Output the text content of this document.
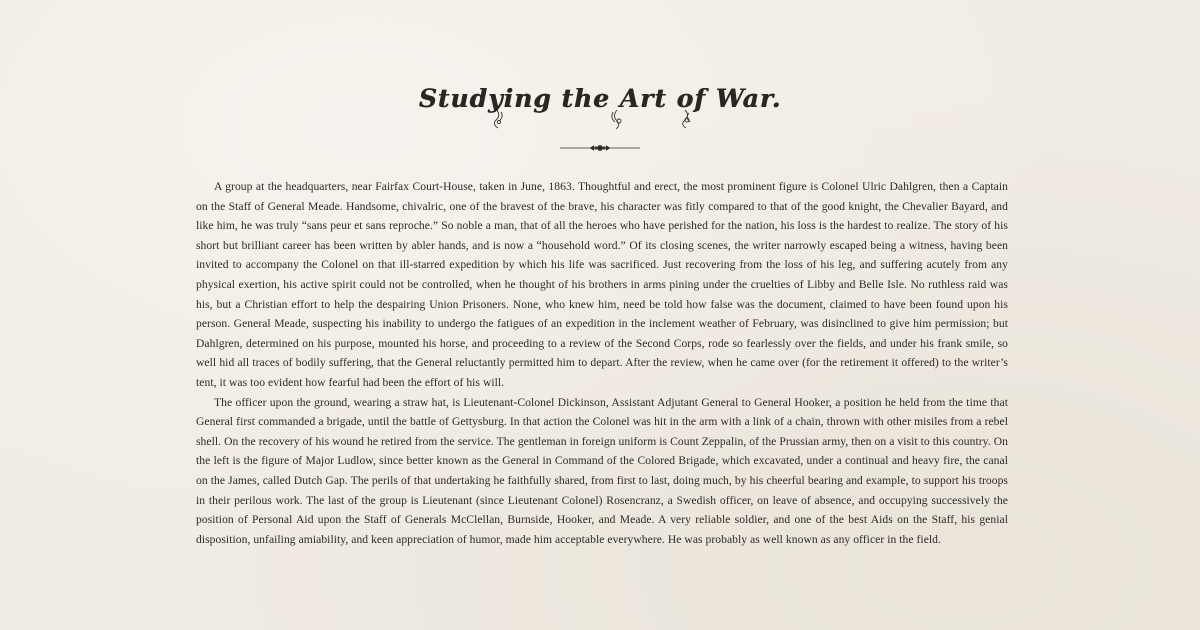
Studying the Art of War.

A group at the headquarters, near Fairfax Court-House, taken in June, 1863. Thoughtful and erect, the most prominent figure is Colonel Ulric Dahlgren, then a Captain on the Staff of General Meade. Handsome, chivalric, one of the bravest of the brave, his character was fitly compared to that of the good knight, the Chevalier Bayard, and like him, he was truly “sans peur et sans reproche.” So noble a man, that of all the heroes who have perished for the nation, his loss is the hardest to realize. The story of his short but brilliant career has been written by abler hands, and is now a “household word.” Of its closing scenes, the writer narrowly escaped being a witness, having been invited to accompany the Colonel on that ill-starred expedition by which his life was sacrificed. Just recovering from the loss of his leg, and suffering acutely from any physical exertion, his active spirit could not be controlled, when he thought of his brothers in arms pining under the cruelties of Libby and Belle Isle. No ruthless raid was his, but a Christian effort to help the despairing Union Prisoners. None, who knew him, need be told how false was the document, claimed to have been found upon his person. General Meade, suspecting his inability to undergo the fatigues of an expedition in the inclement weather of February, was disinclined to give him permission; but Dahlgren, determined on his purpose, mounted his horse, and proceeding to a review of the Second Corps, rode so fearlessly over the fields, and under his frank smile, so well hid all traces of bodily suffering, that the General reluctantly permitted him to depart. After the review, when he came over (for the retirement it offered) to the writer’s tent, it was too evident how fearful had been the effort of his will.

The officer upon the ground, wearing a straw hat, is Lieutenant-Colonel Dickinson, Assistant Adjutant General to General Hooker, a position he held from the time that General first commanded a brigade, until the battle of Gettysburg. In that action the Colonel was hit in the arm with a link of a chain, thrown with other misiles from a rebel shell. On the recovery of his wound he retired from the service. The gentleman in foreign uniform is Count Zeppalin, of the Prussian army, then on a visit to this country. On the left is the figure of Major Ludlow, since better known as the General in Command of the Colored Brigade, which excavated, under a continual and heavy fire, the canal on the James, called Dutch Gap. The perils of that undertaking he faithfully shared, from first to last, doing much, by his cheerful bearing and example, to support his troops in their perilous work. The last of the group is Lieutenant (since Lieutenant Colonel) Rosencranz, a Swedish officer, on leave of absence, and occupying successively the position of Personal Aid upon the Staff of Generals McClellan, Burnside, Hooker, and Meade. A very reliable soldier, and one of the best Aids on the Staff, his genial disposition, unfailing amiability, and keen appreciation of humor, made him acceptable everywhere. He was probably as well known as any officer in the field.
